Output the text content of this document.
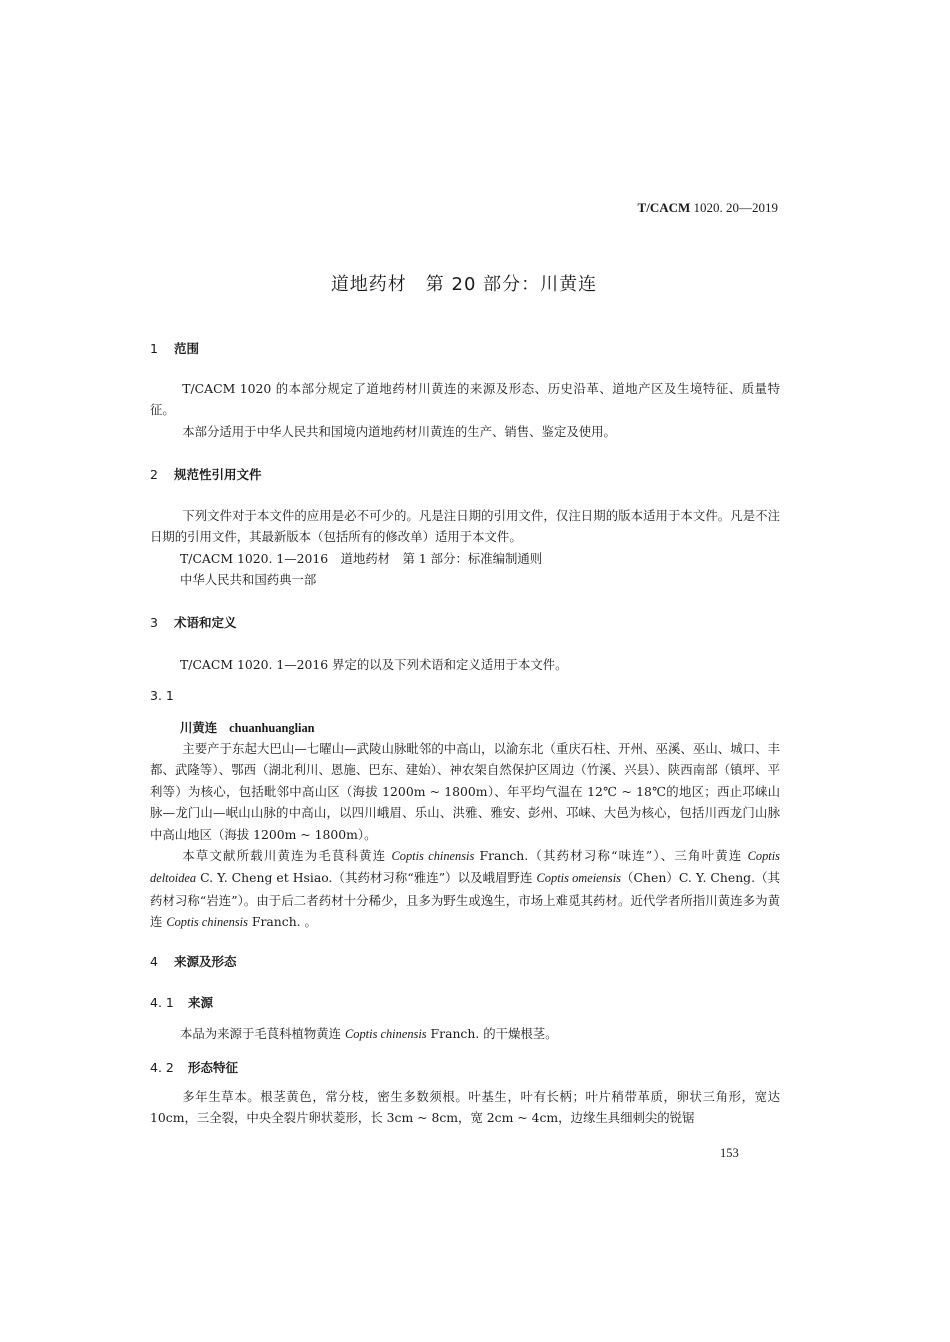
T/CACM 1020. 20—2019
道地药材　第 20 部分：川黄连
1 范围
T/CACM 1020 的本部分规定了道地药材川黄连的来源及形态、历史沿革、道地产区及生境特征、质量特征。
本部分适用于中华人民共和国境内道地药材川黄连的生产、销售、鉴定及使用。
2 规范性引用文件
下列文件对于本文件的应用是必不可少的。凡是注日期的引用文件，仅注日期的版本适用于本文件。凡是不注日期的引用文件，其最新版本（包括所有的修改单）适用于本文件。
T/CACM 1020. 1—2016　道地药材　第 1 部分：标准编制通则
中华人民共和国药典一部
3 术语和定义
T/CACM 1020. 1—2016 界定的以及下列术语和定义适用于本文件。
3. 1
川黄连 chuanhuanglian
主要产于东起大巴山—七曜山—武陵山脉毗邻的中高山，以渝东北（重庆石柱、开州、巫溪、巫山、城口、丰都、武隆等）、鄂西（湖北利川、恩施、巴东、建始）、神农架自然保护区周边（竹溪、兴县）、陕西南部（镇坪、平利等）为核心，包括毗邻中高山区（海拔 1200m ~ 1800m）、年平均气温在 12℃ ~ 18℃的地区；西止邛崃山脉—龙门山—岷山山脉的中高山，以四川峨眉、乐山、洪雅、雅安、彭州、邛崃、大邑为核心，包括川西龙门山脉中高山地区（海拔 1200m ~ 1800m）。
本草文献所载川黄连为毛茛科黄连 Coptis chinensis Franch.（其药材习称“味连”）、三角叶黄连 Coptis deltoidea C. Y. Cheng et Hsiao.（其药材习称“雅连”）以及峨眉野连 Coptis omeiensis（Chen）C. Y. Cheng.（其药材习称“岩连”）。由于后二者药材十分稀少，且多为野生或逸生，市场上难觅其药材。近代学者所指川黄连多为黄连 Coptis chinensis Franch. 。
4 来源及形态
4. 1 来源
本品为来源于毛茛科植物黄连 Coptis chinensis Franch. 的干燥根茎。
4. 2 形态特征
多年生草本。根茎黄色，常分枝，密生多数须根。叶基生，叶有长柄；叶片稍带革质，卵状三角形，宽达 10cm，三全裂，中央全裂片卵状菱形，长 3cm ~ 8cm，宽 2cm ~ 4cm，边缘生具细刺尖的锐锯
153
